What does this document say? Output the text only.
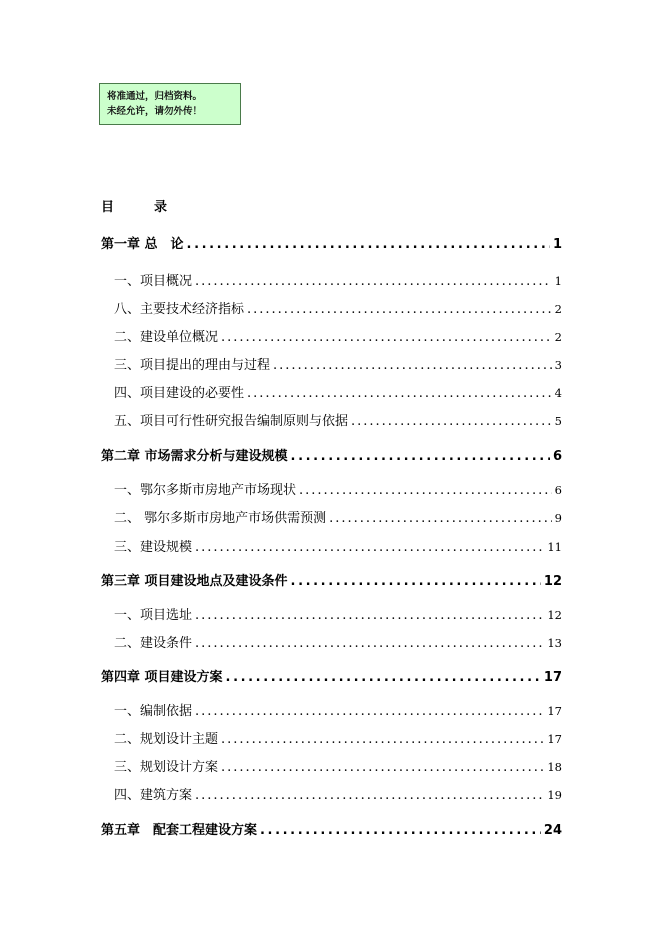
将准通过，归档资料。
未经允许，请勿外传！
目	录
第一章 总　论 .....	1
一、项目概况 .....	1
八、主要技术经济指标 .....	2
二、建设单位概况 .....	2
三、项目提出的理由与过程 .....	3
四、项目建设的必要性 .....	4
五、项目可行性研究报告编制原则与依据 .....	5
第二章 市场需求分析与建设规模 .....	6
一、鄂尔多斯市房地产市场现状 .....	6
二、 鄂尔多斯市房地产市场供需预测 .....	9
三、建设规模 .....	11
第三章 项目建设地点及建设条件 .....	12
一、项目选址 .....	12
二、建设条件 .....	13
第四章 项目建设方案 .....	17
一、编制依据 .....	17
二、规划设计主题 .....	17
三、规划设计方案 .....	18
四、建筑方案 .....	19
第五章　配套工程建设方案 .....	24
